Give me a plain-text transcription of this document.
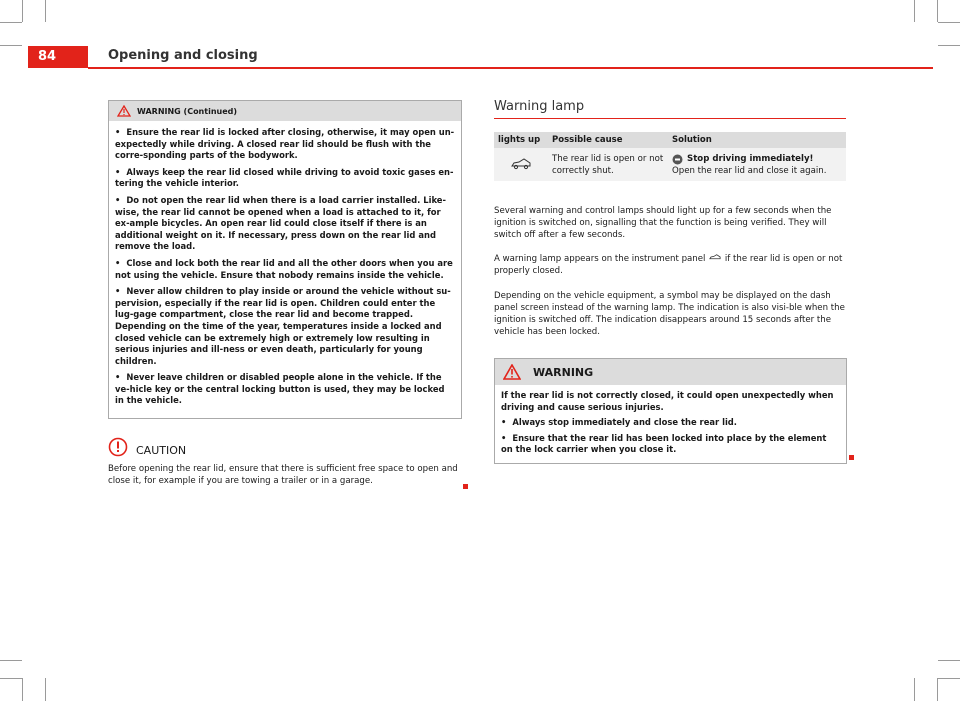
84	Opening and closing
WARNING (Continued)

• Ensure the rear lid is locked after closing, otherwise, it may open un-expectedly while driving. A closed rear lid should be flush with the corre-sponding parts of the bodywork.

• Always keep the rear lid closed while driving to avoid toxic gases en-tering the vehicle interior.

• Do not open the rear lid when there is a load carrier installed. Like-wise, the rear lid cannot be opened when a load is attached to it, for ex-ample bicycles. An open rear lid could close itself if there is an additional weight on it. If necessary, press down on the rear lid and remove the load.

• Close and lock both the rear lid and all the other doors when you are not using the vehicle. Ensure that nobody remains inside the vehicle.

• Never allow children to play inside or around the vehicle without su-pervision, especially if the rear lid is open. Children could enter the lug-gage compartment, close the rear lid and become trapped. Depending on the time of the year, temperatures inside a locked and closed vehicle can be extremely high or extremely low resulting in serious injuries and ill-ness or even death, particularly for young children.

• Never leave children or disabled people alone in the vehicle. If the ve-hicle key or the central locking button is used, they may be locked in the vehicle.

CAUTION
Before opening the rear lid, ensure that there is sufficient free space to open and close it, for example if you are towing a trailer or in a garage.
Warning lamp
lights up	Possible cause	Solution
	The rear lid is open or not correctly shut.	Stop driving immediately!
Open the rear lid and close it again.
Several warning and control lamps should light up for a few seconds when the ignition is switched on, signalling that the function is being verified. They will switch off after a few seconds.
A warning lamp appears on the instrument panel if the rear lid is open or not properly closed.
Depending on the vehicle equipment, a symbol may be displayed on the dash panel screen instead of the warning lamp. The indication is also visi-ble when the ignition is switched off. The indication disappears around 15 seconds after the vehicle has been locked.
WARNING

If the rear lid is not correctly closed, it could open unexpectedly when driving and cause serious injuries.

• Always stop immediately and close the rear lid.

• Ensure that the rear lid has been locked into place by the element on the lock carrier when you close it.
